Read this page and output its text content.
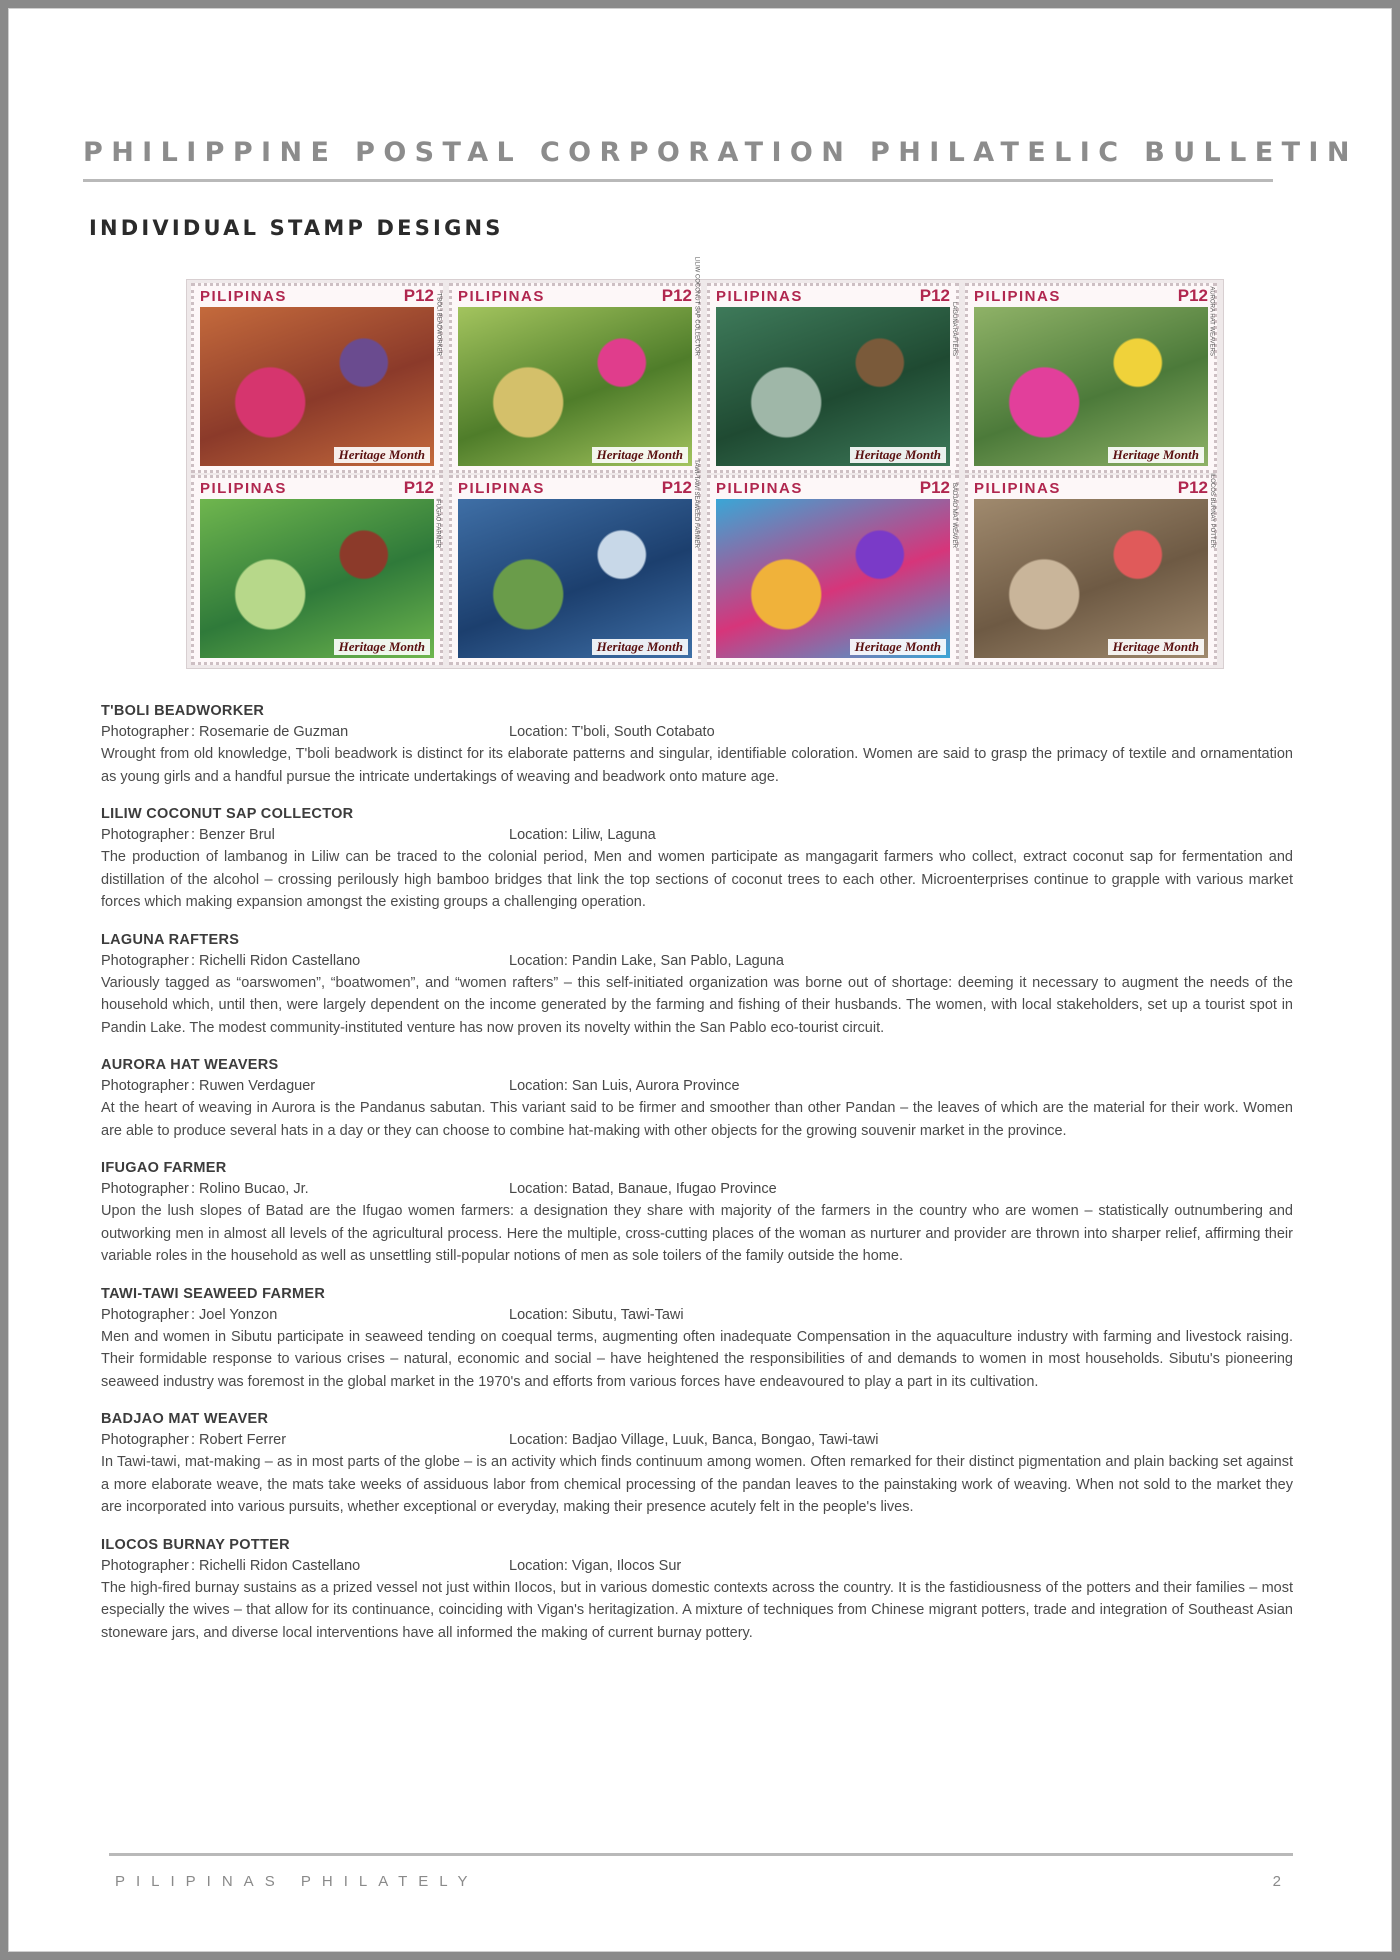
PHILIPPINE POSTAL CORPORATION PHILATELIC BULLETIN
INDIVIDUAL STAMP DESIGNS
PILIPINAS	P12
Heritage Month
T'BOLI BEADWORKER PILIPINAS	P12
Heritage Month
LILIW COCONUT SAP COLLECTOR PILIPINAS	P12
Heritage Month
LAGUNA RAFTERS
PILIPINAS	P12
Heritage Month
AURORA HAT WEAVERS
PILIPINAS	P12
Heritage Month
IFUGAO FARMER
PILIPINAS	P12
Heritage Month
TAWI-TAWI SEAWEED FARMER PILIPINAS	P12
Heritage Month
BADJAO MAT WEAVER PILIPINAS	P12
Heritage Month
ILOCOS BURNAY POTTER
T'BOLI BEADWORKER
Photographer : Rosemarie de Guzman	Location: T'boli, South Cotabato
Wrought from old knowledge, T'boli beadwork is distinct for its elaborate patterns and singular, identifiable coloration. Women are said to grasp the primacy of textile and ornamentation as young girls and a handful pursue the intricate undertakings of weaving and beadwork onto mature age.
LILIW COCONUT SAP COLLECTOR
Photographer : Benzer Brul	Location: Liliw, Laguna
The production of lambanog in Liliw can be traced to the colonial period, Men and women participate as mangagarit farmers who collect, extract coconut sap for fermentation and distillation of the alcohol – crossing perilously high bamboo bridges that link the top sections of coconut trees to each other. Microenterprises continue to grapple with various market forces which making expansion amongst the existing groups a challenging operation.
LAGUNA RAFTERS
Photographer : Richelli Ridon Castellano	Location: Pandin Lake, San Pablo, Laguna
Variously tagged as “oarswomen”, “boatwomen”, and “women rafters” – this self-initiated organization was borne out of shortage: deeming it necessary to augment the needs of the household which, until then, were largely dependent on the income generated by the farming and fishing of their husbands. The women, with local stakeholders, set up a tourist spot in Pandin Lake. The modest community-instituted venture has now proven its novelty within the San Pablo eco-tourist circuit.
AURORA HAT WEAVERS
Photographer : Ruwen Verdaguer	Location: San Luis, Aurora Province
At the heart of weaving in Aurora is the Pandanus sabutan. This variant said to be firmer and smoother than other Pandan – the leaves of which are the material for their work. Women are able to produce several hats in a day or they can choose to combine hat-making with other objects for the growing souvenir market in the province.
IFUGAO FARMER
Photographer : Rolino Bucao, Jr.	Location: Batad, Banaue, Ifugao Province
Upon the lush slopes of Batad are the Ifugao women farmers: a designation they share with majority of the farmers in the country who are women – statistically outnumbering and outworking men in almost all levels of the agricultural process. Here the multiple, cross-cutting places of the woman as nurturer and provider are thrown into sharper relief, affirming their variable roles in the household as well as unsettling still-popular notions of men as sole toilers of the family outside the home.
TAWI-TAWI SEAWEED FARMER
Photographer : Joel Yonzon	Location: Sibutu, Tawi-Tawi
Men and women in Sibutu participate in seaweed tending on coequal terms, augmenting often inadequate Compensation in the aquaculture industry with farming and livestock raising. Their formidable response to various crises – natural, economic and social – have heightened the responsibilities of and demands to women in most households. Sibutu's pioneering seaweed industry was foremost in the global market in the 1970's and efforts from various forces have endeavoured to play a part in its cultivation.
BADJAO MAT WEAVER
Photographer : Robert Ferrer	Location: Badjao Village, Luuk, Banca, Bongao, Tawi-tawi
In Tawi-tawi, mat-making – as in most parts of the globe – is an activity which finds continuum among women. Often remarked for their distinct pigmentation and plain backing set against a more elaborate weave, the mats take weeks of assiduous labor from chemical processing of the pandan leaves to the painstaking work of weaving. When not sold to the market they are incorporated into various pursuits, whether exceptional or everyday, making their presence acutely felt in the people's lives.
ILOCOS BURNAY POTTER
Photographer : Richelli Ridon Castellano	Location: Vigan, Ilocos Sur
The high-fired burnay sustains as a prized vessel not just within Ilocos, but in various domestic contexts across the country. It is the fastidiousness of the potters and their families – most especially the wives – that allow for its continuance, coinciding with Vigan's heritagization. A mixture of techniques from Chinese migrant potters, trade and integration of Southeast Asian stoneware jars, and diverse local interventions have all informed the making of current burnay pottery.
PILIPINAS PHILATELY	2
